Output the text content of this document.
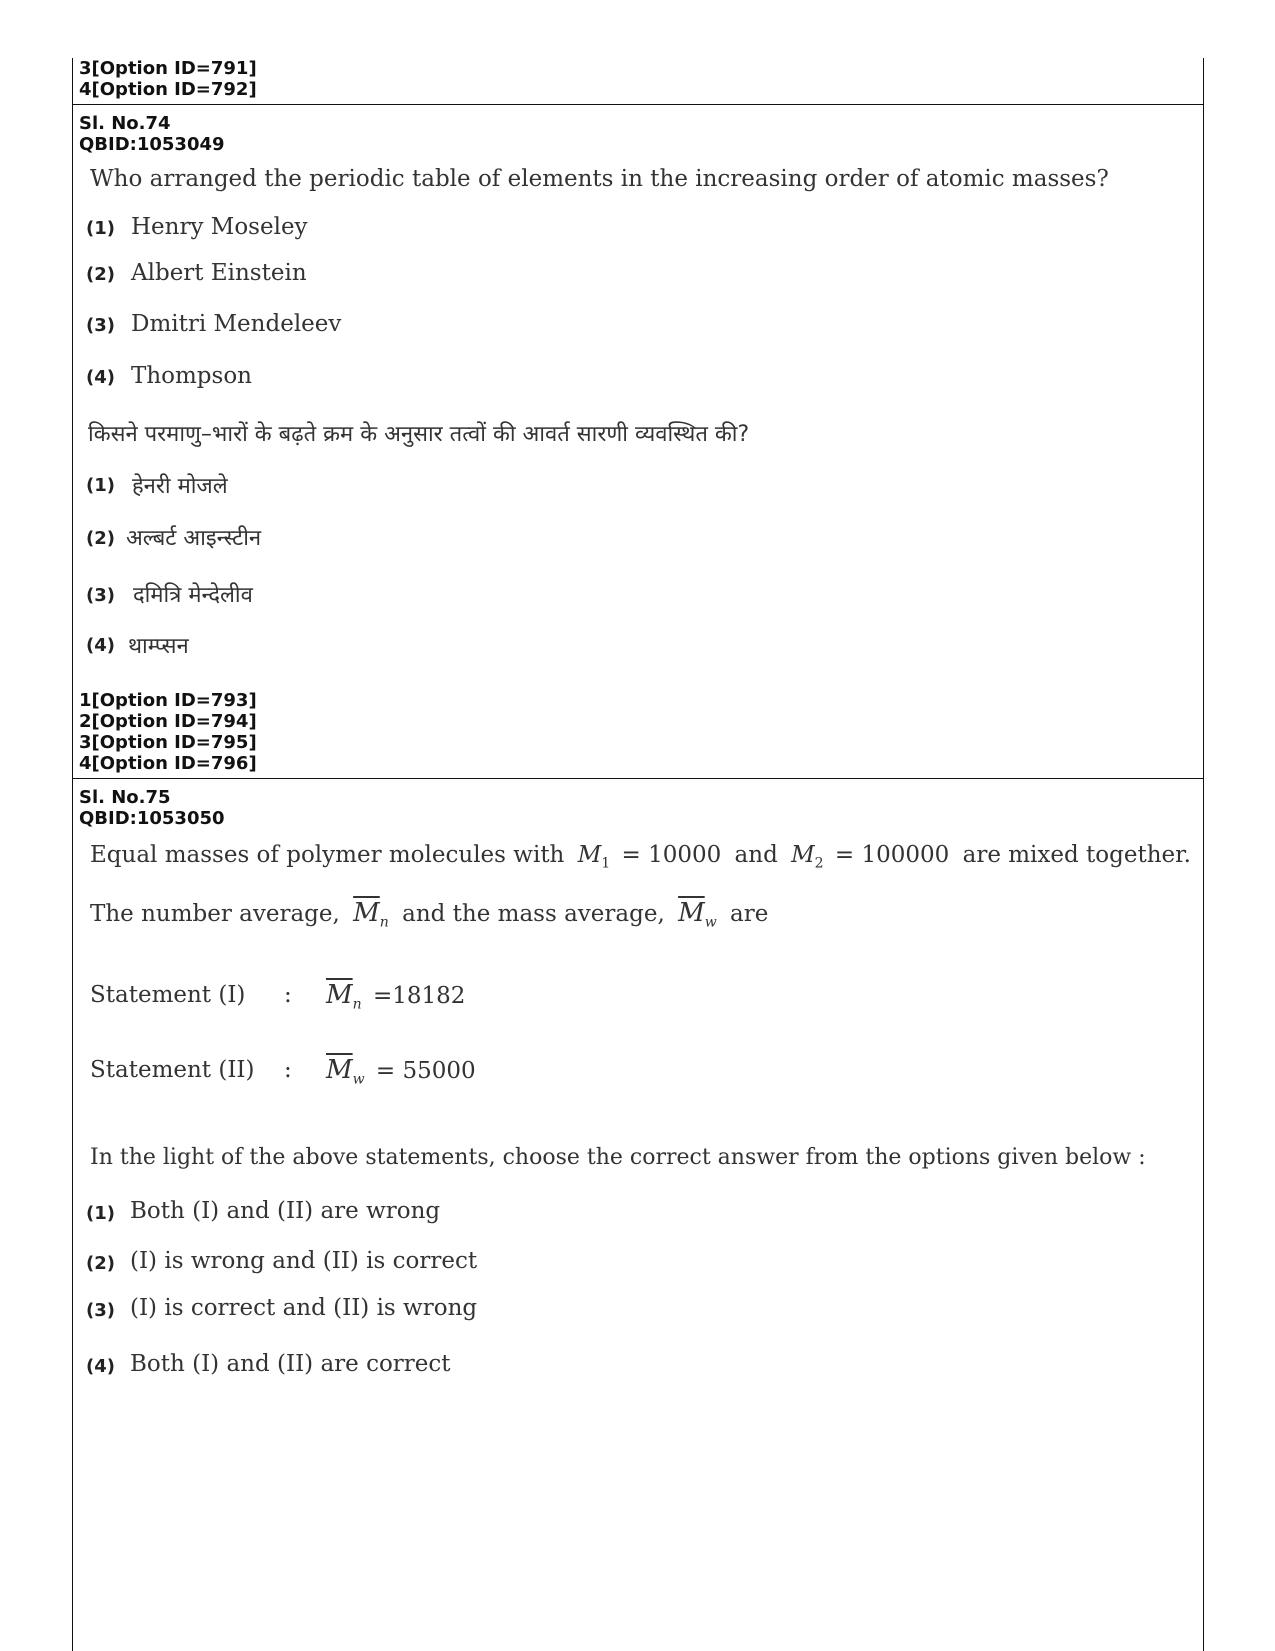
3[Option ID=791]
4[Option ID=792]
Sl. No.74
QBID:1053049
Who arranged the periodic table of elements in the increasing order of atomic masses?
(1) Henry Moseley
(2) Albert Einstein
(3) Dmitri Mendeleev
(4) Thompson
किसने परमाणु–भारों के बढ़ते क्रम के अनुसार तत्वों की आवर्त सारणी व्यवस्थित की?
(1) हेनरी मोजले
(2) अल्बर्ट आइन्स्टीन
(3) दमित्रि मेन्देलीव
(4) थाम्प्सन
1[Option ID=793]
2[Option ID=794]
3[Option ID=795]
4[Option ID=796]
Sl. No.75
QBID:1053050
Equal masses of polymer molecules with $M_1 = 10000$ and $M_2 = 100000$ are mixed together.
The number average, $\overline{M}_n$ and the mass average, $\overline{M}_w$ are
Statement (I) : $\overline{M}_n =18182$
Statement (II) : $\overline{M}_w = 55000$
In the light of the above statements, choose the correct answer from the options given below :
(1) Both (I) and (II) are wrong
(2) (I) is wrong and (II) is correct
(3) (I) is correct and (II) is wrong
(4) Both (I) and (II) are correct
